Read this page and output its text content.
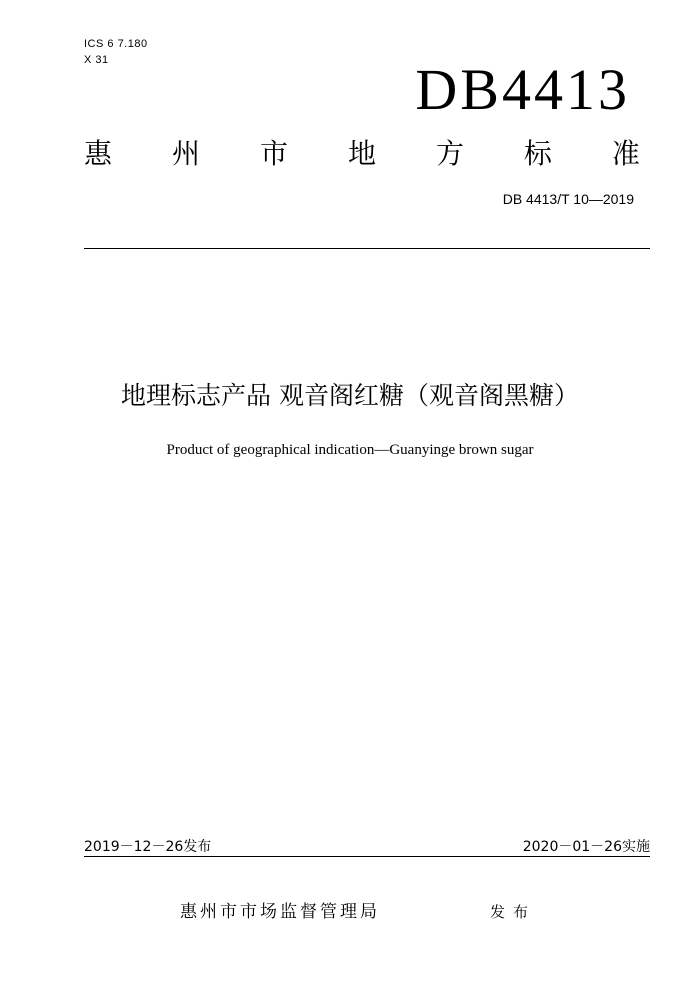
ICS 6 7.180
X 31	DB4413
惠 州 市 地 方 标 准
DB 4413/T 10—2019
地理标志产品 观音阁红糖（观音阁黑糖）
Product of geographical indication—Guanyinge brown sugar
2019－12－26发布	2020－01－26实施
惠州市市场监督管理局	发布
